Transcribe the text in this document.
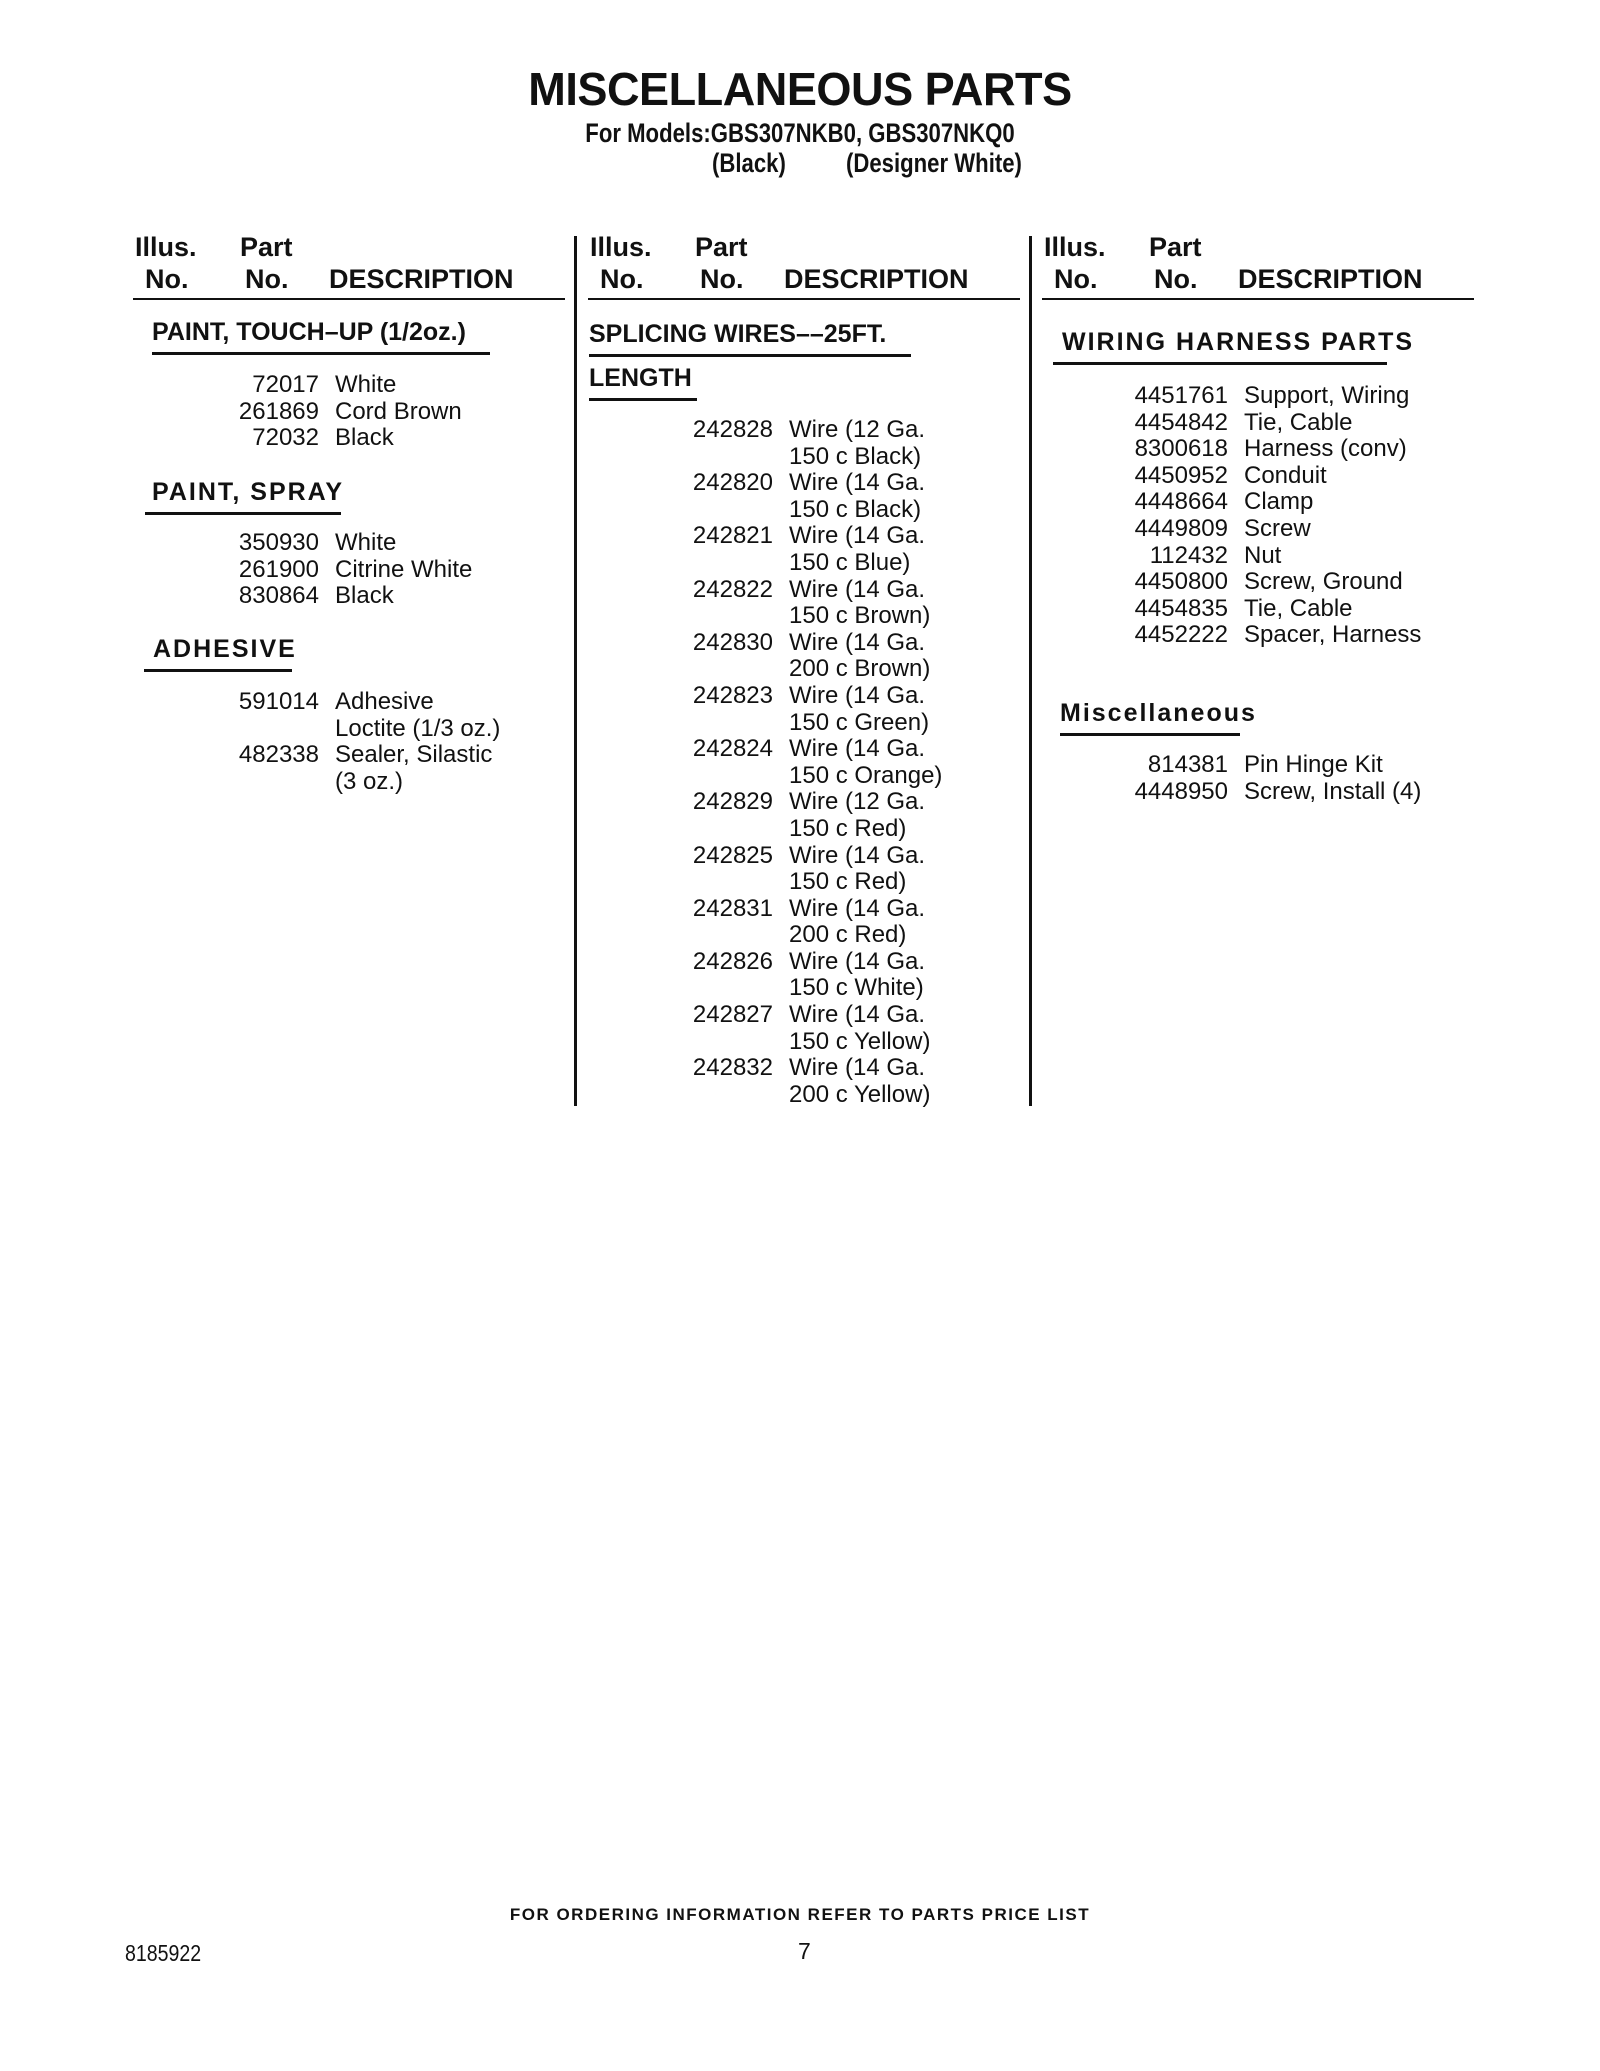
MISCELLANEOUS PARTS
For Models:GBS307NKB0, GBS307NKQ0
(Black) (Designer White)
Illus.
No.
Part
No. DESCRIPTION
PAINT, TOUCH–UP (1/2oz.)
72017 White
261869 Cord Brown
72032 Black
PAINT, SPRAY
350930 White
261900 Citrine White
830864 Black
ADHESIVE
591014 Adhesive
Loctite (1/3 oz.)
482338 Sealer, Silastic
(3 oz.)
Illus.
No.
Part
No. DESCRIPTION
SPLICING WIRES––25FT.
LENGTH
242828 Wire (12 Ga.
150 c Black)
242820 Wire (14 Ga.
150 c Black)
242821 Wire (14 Ga.
150 c Blue)
242822 Wire (14 Ga.
150 c Brown)
242830 Wire (14 Ga.
200 c Brown)
242823 Wire (14 Ga.
150 c Green)
242824 Wire (14 Ga.
150 c Orange)
242829 Wire (12 Ga.
150 c Red)
242825 Wire (14 Ga.
150 c Red)
242831 Wire (14 Ga.
200 c Red)
242826 Wire (14 Ga.
150 c White)
242827 Wire (14 Ga.
150 c Yellow)
242832 Wire (14 Ga.
200 c Yellow)
Illus.
No.
Part
No. DESCRIPTION
WIRING HARNESS PARTS
4451761 Support, Wiring
4454842 Tie, Cable
8300618 Harness (conv)
4450952 Conduit
4448664 Clamp
4449809 Screw
112432 Nut
4450800 Screw, Ground
4454835 Tie, Cable
4452222 Spacer, Harness
Miscellaneous
814381 Pin Hinge Kit
4448950 Screw, Install (4)
FOR ORDERING INFORMATION REFER TO PARTS PRICE LIST
8185922	7
